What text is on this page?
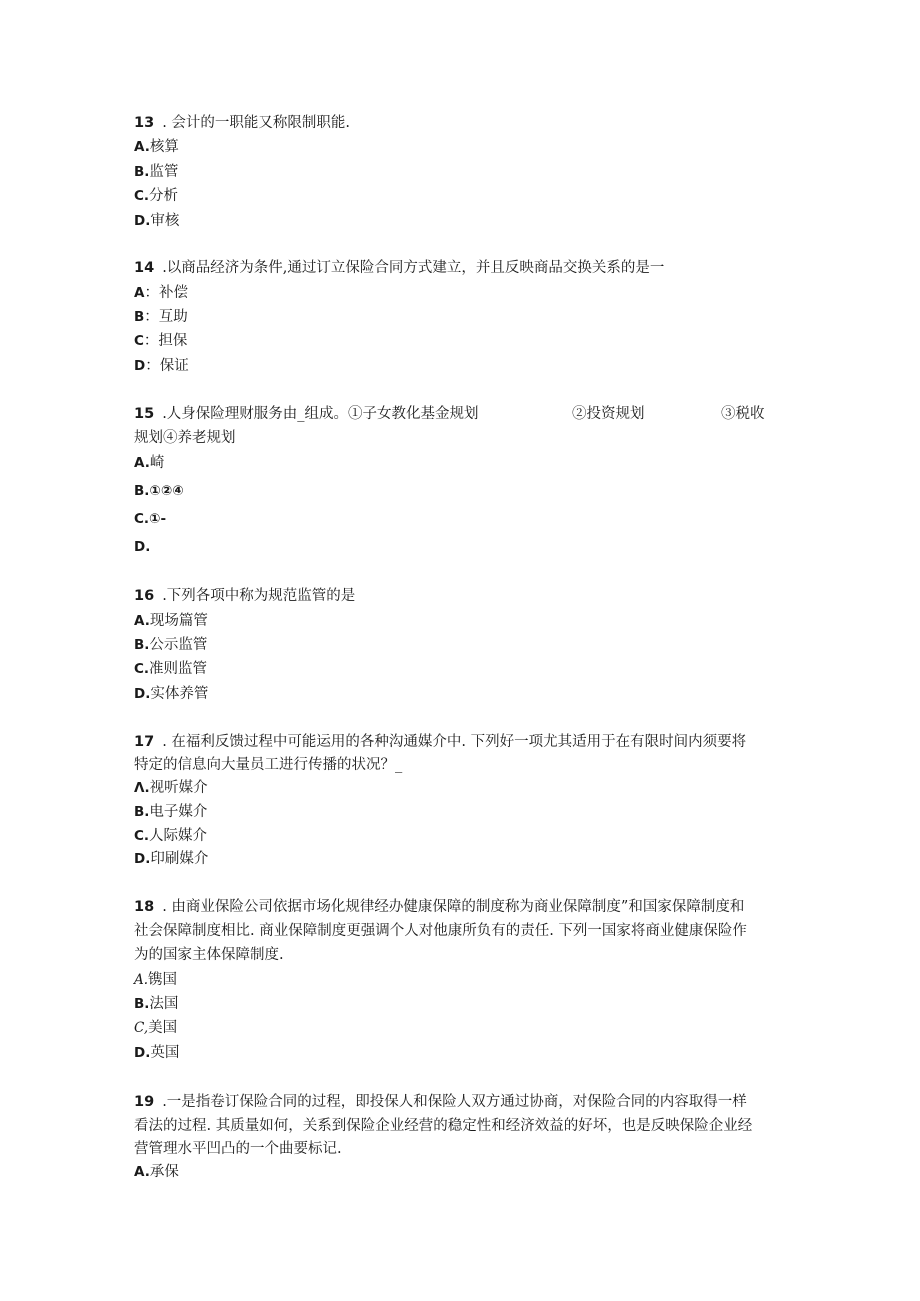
13 . 会计的一职能又称限制职能.
A.核算
B.监管
C.分析
D.审核
14 .以商品经济为条件,通过订立保险合同方式建立，并且反映商品交换关系的是一
A：补偿
B：互助
C：担保
D：保证
15 .人身保险理财服务由_组成。①子女教化基金规划	②投资规划	③税收
规划④养老规划
A.崎
B.①②④
C.①-
D.
16 .下列各项中称为规范监管的是
A.现场篇管
B.公示监管
C.准则监管
D.实体养管
17 . 在福利反馈过程中可能运用的各种沟通媒介中. 下列好一项尤其适用于在有限时间内须要将
特定的信息向大量员工进行传播的状况？_
Λ.视听媒介
B.电子媒介
C.人际媒介
D.印刷媒介
18 . 由商业保险公司依据市场化规律经办健康保障的制度称为商业保障制度”和国家保障制度和
社会保障制度相比. 商业保障制度更强调个人对他康所负有的责任. 下列一国家将商业健康保险作
为的国家主体保障制度.
A.镌国
B.法国
C,美国
D.英国
19 .一是指卷订保险合同的过程，即投保人和保险人双方通过协商，对保险合同的内容取得一样
看法的过程. 其质量如何，关系到保险企业经营的稳定性和经济效益的好坏，也是反映保险企业经
营管理水平凹凸的一个曲要标记.
A.承保
